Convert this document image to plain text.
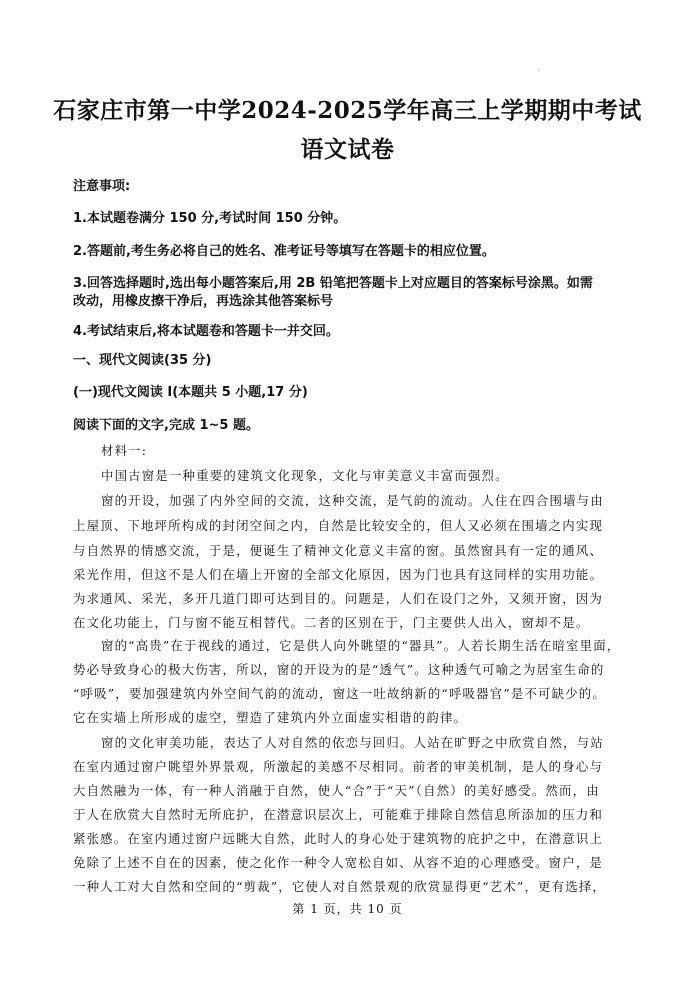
·
石家庄市第一中学2024-2025学年高三上学期期中考试
语文试卷
注意事项:
1.本试题卷满分 150 分,考试时间 150 分钟。
2.答题前,考生务必将自己的姓名、准考证号等填写在答题卡的相应位置。
3.回答选择题时,选出每小题答案后,用 2B 铅笔把答题卡上对应题目的答案标号涂黑。如需
改动，用橡皮擦干净后，再选涂其他答案标号
4.考试结束后,将本试题卷和答题卡一并交回。
一、现代文阅读(35 分)
(一)现代文阅读 I(本题共 5 小题,17 分)
阅读下面的文字,完成 1~5 题。
材料一:
中国古窗是一种重要的建筑文化现象，文化与审美意义丰富而强烈。
窗的开设，加强了内外空间的交流，这种交流，是气韵的流动。人住在四合围墙与由
上屋顶、下地坪所构成的封闭空间之内，自然是比较安全的，但人又必须在围墙之内实现
与自然界的情感交流，于是，便诞生了精神文化意义丰富的窗。虽然窗具有一定的通风、
采光作用，但这不是人们在墙上开窗的全部文化原因，因为门也具有这同样的实用功能。
为求通风、采光，多开几道门即可达到目的。问题是，人们在设门之外，又须开窗，因为
在文化功能上，门与窗不能互相替代。二者的区别在于，门主要供人出入，窗却不是。
窗的“高贵”在于视线的通过，它是供人向外眺望的“器具”。人若长期生活在暗室里面，
势必导致身心的极大伤害，所以，窗的开设为的是“透气”。这种透气可喻之为居室生命的
“呼吸”，要加强建筑内外空间气韵的流动，窗这一吐故纳新的“呼吸器官”是不可缺少的。
它在实墙上所形成的虚空，塑造了建筑内外立面虚实相谐的韵律。
窗的文化审美功能，表达了人对自然的依恋与回归。人站在旷野之中欣赏自然，与站
在室内通过窗户眺望外界景观，所激起的美感不尽相同。前者的审美机制，是人的身心与
大自然融为一体，有一种人消融于自然，使人“合”于“天”（自然）的美好感受。然而，由
于人在欣赏大自然时无所庇护，在潜意识层次上，可能难于排除自然信息所添加的压力和
紧张感。在室内通过窗户远眺大自然，此时人的身心处于建筑物的庇护之中，在潜意识上
免除了上述不自在的因素，使之化作一种令人宽松自如、从容不迫的心理感受。窗户，是
一种人工对大自然和空间的“剪裁”，它使人对自然景观的欣赏显得更“艺术”，更有选择，
第 1 页，共 10 页
